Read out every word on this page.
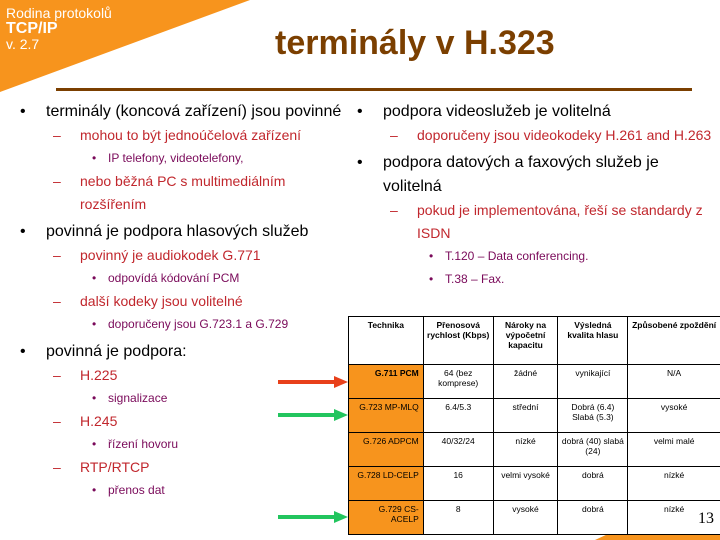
Rodina protokolů
TCP/IP
v. 2.7	terminály v H.323
• terminály (koncová zařízení) jsou povinné
– mohou to být jednoúčelová zařízení
• IP telefony, videotelefony,
– nebo běžná PC s multimediálním rozšířením
• povinná je podpora hlasových služeb
– povinný je audiokodek G.771
• odpovídá kódování PCM
– další kodeky jsou volitelné
• doporučeny jsou G.723.1 a G.729
• povinná je podpora:
– H.225
• signalizace
– H.245
• řízení hovoru
– RTP/RTCP
• přenos dat
• podpora videoslužeb je volitelná
– doporučeny jsou videokodeky H.261 and H.263
• podpora datových a faxových služeb je volitelná
– pokud je implementována, řeší se standardy z ISDN
• T.120 – Data conferencing.
• T.38 – Fax.
Technika	Přenosová rychlost (Kbps)	Nároky na výpočetní kapacitu	Výsledná kvalita hlasu	Způsobené zpoždění
G.711 PCM	64 (bez komprese)	žádné	vynikající	N/A
G.723 MP-MLQ	6.4/5.3	střední	Dobrá (6.4) Slabá (5.3)	vysoké
G.726 ADPCM	40/32/24	nízké	dobrá (40) slabá (24)	velmi malé
G.728 LD-CELP	16	velmi vysoké	dobrá	nízké
G.729 CS-ACELP	8	vysoké	dobrá	nízké
13
